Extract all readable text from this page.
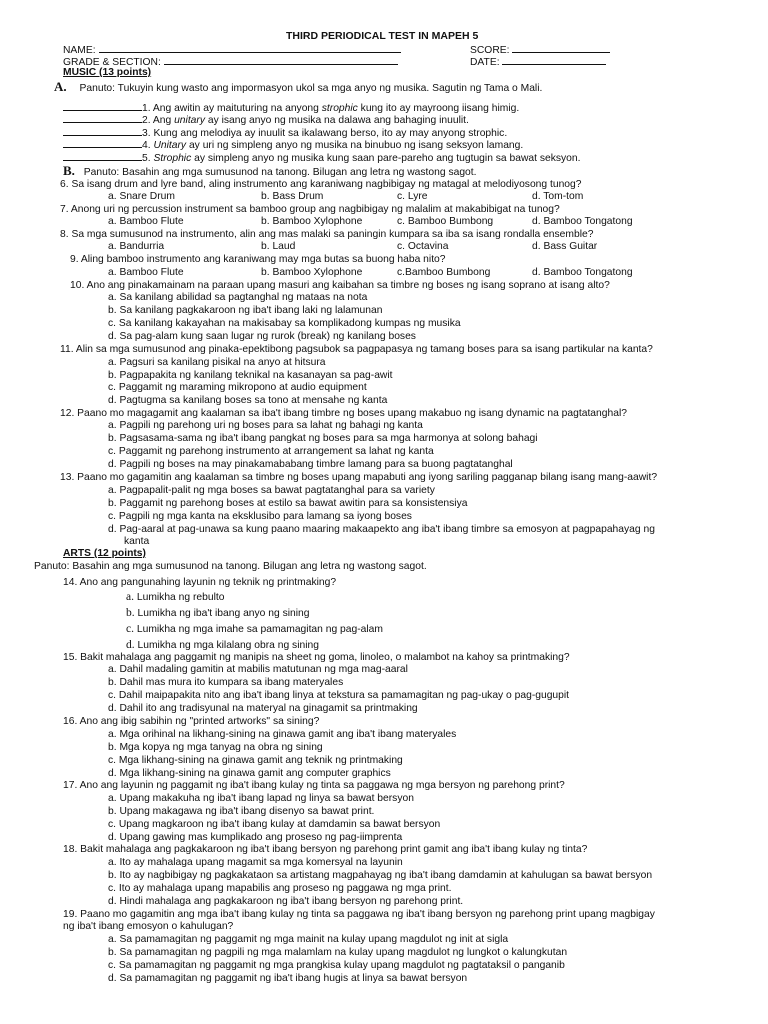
THIRD PERIODICAL TEST IN MAPEH 5
NAME:	SCORE:
GRADE & SECTION:	DATE:
MUSIC (13 points)
A. Panuto: Tukuyin kung wasto ang impormasyon ukol sa mga anyo ng musika. Sagutin ng Tama o Mali.
1. Ang awitin ay maituturing na anyong strophic kung ito ay mayroong iisang himig.
2. Ang unitary ay isang anyo ng musika na dalawa ang bahaging inuulit.
3. Kung ang melodiya ay inuulit sa ikalawang berso, ito ay may anyong strophic.
4. Unitary ay uri ng simpleng anyo ng musika na binubuo ng isang seksyon lamang.
5. Strophic ay simpleng anyo ng musika kung saan pare-pareho ang tugtugin sa bawat seksyon.
B. Panuto: Basahin ang mga sumusunod na tanong. Bilugan ang letra ng wastong sagot.
6. Sa isang drum and lyre band, aling instrumento ang karaniwang nagbibigay ng matagal at melodiyosong tunog?
a. Snare Drum	b. Bass Drum	c. Lyre	d. Tom-tom
7. Anong uri ng percussion instrument sa bamboo group ang nagbibigay ng malalim at makabibigat na tunog?
a. Bamboo Flute	b. Bamboo Xylophone	c. Bamboo Bumbong	d. Bamboo Tongatong
8. Sa mga sumusunod na instrumento, alin ang mas malaki sa paningin kumpara sa iba sa isang rondalla ensemble?
a. Bandurria	b. Laud	c. Octavina	d. Bass Guitar
9. Aling bamboo instrumento ang karaniwang may mga butas sa buong haba nito?
a. Bamboo Flute	b. Bamboo Xylophone	c.Bamboo Bumbong	d. Bamboo Tongatong
10. Ano ang pinakamainam na paraan upang masuri ang kaibahan sa timbre ng boses ng isang soprano at isang alto?
a. Sa kanilang abilidad sa pagtanghal ng mataas na nota
b. Sa kanilang pagkakaroon ng iba't ibang laki ng lalamunan
c. Sa kanilang kakayahan na makisabay sa komplikadong kumpas ng musika
d. Sa pag-alam kung saan lugar ng rurok (break) ng kanilang boses
11. Alin sa mga sumusunod ang pinaka-epektibong pagsubok sa pagpapasya ng tamang boses para sa isang partikular na kanta?
a. Pagsuri sa kanilang pisikal na anyo at hitsura
b. Pagpapakita ng kanilang teknikal na kasanayan sa pag-awit
c. Paggamit ng maraming mikropono at audio equipment
d. Pagtugma sa kanilang boses sa tono at mensahe ng kanta
12. Paano mo magagamit ang kaalaman sa iba't ibang timbre ng boses upang makabuo ng isang dynamic na pagtatanghal?
a. Pagpili ng parehong uri ng boses para sa lahat ng bahagi ng kanta
b. Pagsasama-sama ng iba't ibang pangkat ng boses para sa mga harmonya at solong bahagi
c. Paggamit ng parehong instrumento at arrangement sa lahat ng kanta
d. Pagpili ng boses na may pinakamababang timbre lamang para sa buong pagtatanghal
13. Paano mo gagamitin ang kaalaman sa timbre ng boses upang mapabuti ang iyong sariling pagganap bilang isang mang-aawit?
a. Pagpapalit-palit ng mga boses sa bawat pagtatanghal para sa variety
b. Paggamit ng parehong boses at estilo sa bawat awitin para sa konsistensiya
c. Pagpili ng mga kanta na eksklusibo para lamang sa iyong boses
d. Pag-aaral at pag-unawa sa kung paano maaring makaapekto ang iba't ibang timbre sa emosyon at pagpapahayag ng
kanta
ARTS (12 points)
Panuto: Basahin ang mga sumusunod na tanong. Bilugan ang letra ng wastong sagot.
14. Ano ang pangunahing layunin ng teknik ng printmaking?
a. Lumikha ng rebulto
b. Lumikha ng iba't ibang anyo ng sining
c. Lumikha ng mga imahe sa pamamagitan ng pag-alam
d. Lumikha ng mga kilalang obra ng sining
15. Bakit mahalaga ang paggamit ng manipis na sheet ng goma, linoleo, o malambot na kahoy sa printmaking?
a. Dahil madaling gamitin at mabilis matutunan ng mga mag-aaral
b. Dahil mas mura ito kumpara sa ibang materyales
c. Dahil maipapakita nito ang iba't ibang linya at tekstura sa pamamagitan ng pag-ukay o pag-gugupit
d. Dahil ito ang tradisyunal na materyal na ginagamit sa printmaking
16. Ano ang ibig sabihin ng "printed artworks" sa sining?
a. Mga orihinal na likhang-sining na ginawa gamit ang iba't ibang materyales
b. Mga kopya ng mga tanyag na obra ng sining
c. Mga likhang-sining na ginawa gamit ang teknik ng printmaking
d. Mga likhang-sining na ginawa gamit ang computer graphics
17. Ano ang layunin ng paggamit ng iba't ibang kulay ng tinta sa paggawa ng mga bersyon ng parehong print?
a. Upang makakuha ng iba't ibang lapad ng linya sa bawat bersyon
b. Upang makagawa ng iba't ibang disenyo sa bawat print.
c. Upang magkaroon ng iba't ibang kulay at damdamin sa bawat bersyon
d. Upang gawing mas kumplikado ang proseso ng pag-iimprenta
18. Bakit mahalaga ang pagkakaroon ng iba't ibang bersyon ng parehong print gamit ang iba't ibang kulay ng tinta?
a. Ito ay mahalaga upang magamit sa mga komersyal na layunin
b. Ito ay nagbibigay ng pagkakataon sa artistang magpahayag ng iba't ibang damdamin at kahulugan sa bawat bersyon
c. Ito ay mahalaga upang mapabilis ang proseso ng paggawa ng mga print.
d. Hindi mahalaga ang pagkakaroon ng iba't ibang bersyon ng parehong print.
19. Paano mo gagamitin ang mga iba't ibang kulay ng tinta sa paggawa ng iba't ibang bersyon ng parehong print upang magbigay
ng iba't ibang emosyon o kahulugan?
a. Sa pamamagitan ng paggamit ng mga mainit na kulay upang magdulot ng init at sigla
b. Sa pamamagitan ng pagpili ng mga malamlam na kulay upang magdulot ng lungkot o kalungkutan
c. Sa pamamagitan ng paggamit ng mga prangkisa kulay upang magdulot ng pagtataksil o panganib
d. Sa pamamagitan ng paggamit ng iba't ibang hugis at linya sa bawat bersyon
